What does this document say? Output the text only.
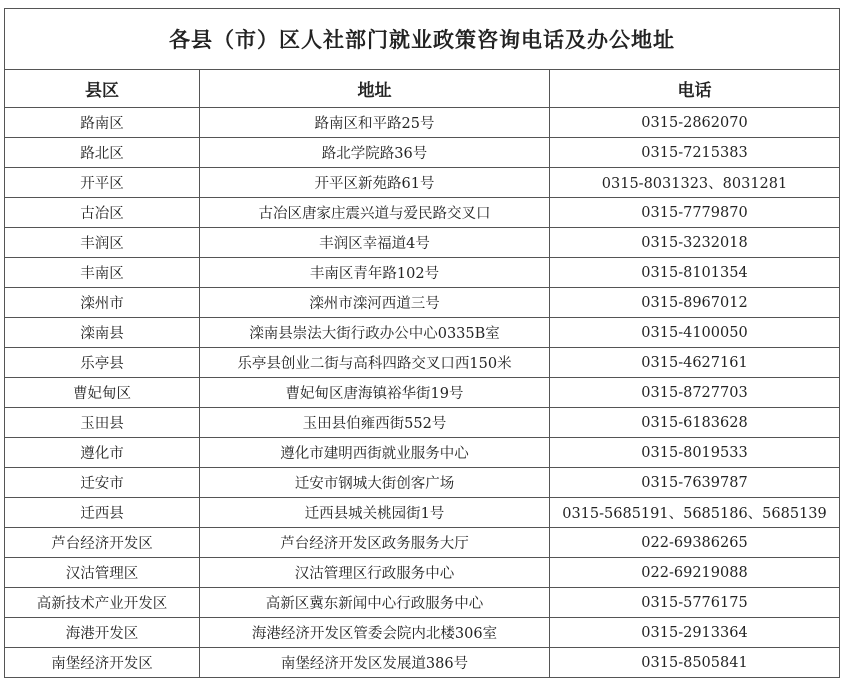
各县（市）区人社部门就业政策咨询电话及办公地址		
县区	地址	电话
路南区	路南区和平路25号	0315-2862070
路北区	路北学院路36号	0315-7215383
开平区	开平区新苑路61号	0315-8031323、8031281
古冶区	古冶区唐家庄震兴道与爱民路交叉口	0315-7779870
丰润区	丰润区幸福道4号	0315-3232018
丰南区	丰南区青年路102号	0315-8101354
滦州市	滦州市滦河西道三号	0315-8967012
滦南县	滦南县崇法大街行政办公中心0335B室	0315-4100050
乐亭县	乐亭县创业二街与高科四路交叉口西150米	0315-4627161
曹妃甸区	曹妃甸区唐海镇裕华街19号	0315-8727703
玉田县	玉田县伯雍西街552号	0315-6183628
遵化市	遵化市建明西街就业服务中心	0315-8019533
迁安市	迁安市钢城大街创客广场	0315-7639787
迁西县	迁西县城关桃园街1号	0315-5685191、5685186、5685139
芦台经济开发区	芦台经济开发区政务服务大厅	022-69386265
汉沽管理区	汉沽管理区行政服务中心	022-69219088
高新技术产业开发区	高新区冀东新闻中心行政服务中心	0315-5776175
海港开发区	海港经济开发区管委会院内北楼306室	0315-2913364
南堡经济开发区	南堡经济开发区发展道386号	0315-8505841
